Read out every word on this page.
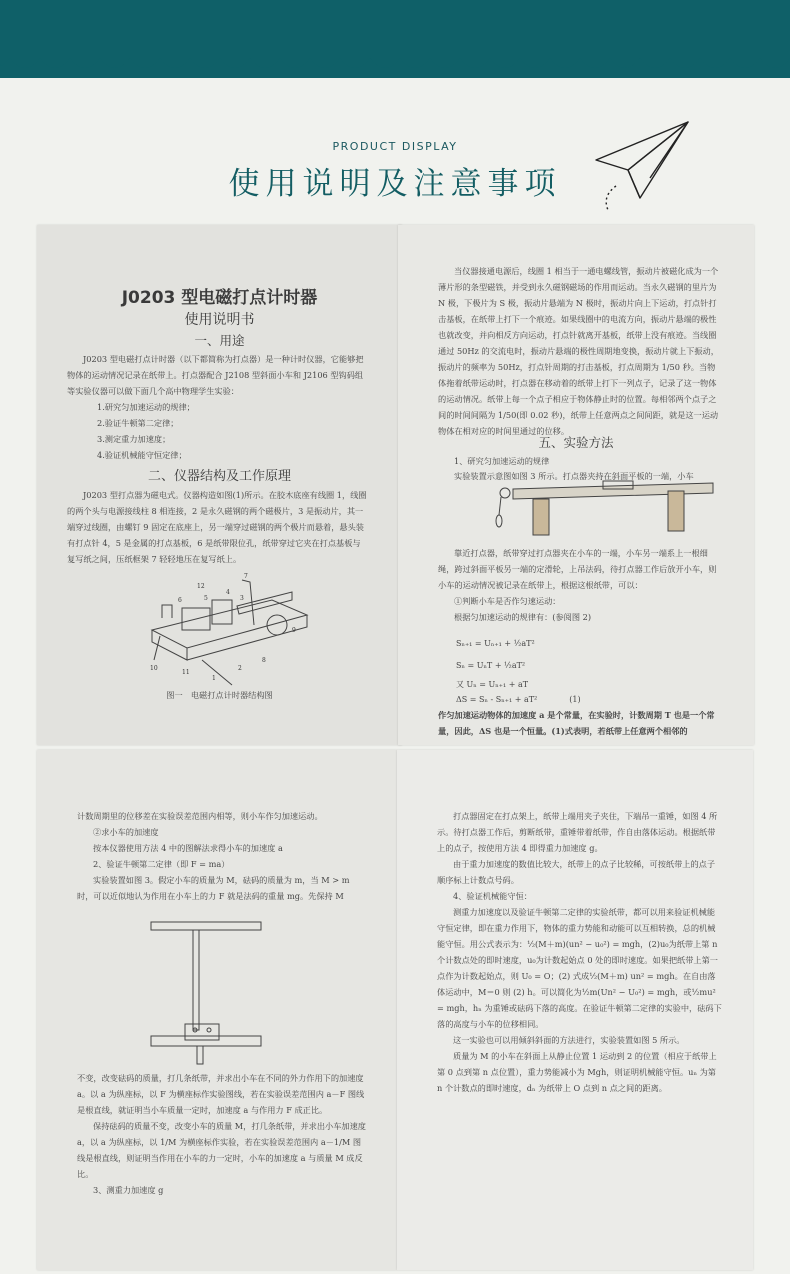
PRODUCT DISPLAY
使用说明及注意事项
J0203 型电磁打点计时器
使用说明书
一、用途

J0203 型电磁打点计时器（以下都简称为打点器）是一种计时仪器，它能够把物体的运动情况记录在纸带上。打点器配合 J2108 型斜面小车和 J2106 型钩码组等实验仪器可以做下面几个高中物理学生实验：

1.研究匀加速运动的规律；
2.验证牛顿第二定律；
3.测定重力加速度；
4.验证机械能守恒定律；
二、仪器结构及工作原理

J0203 型打点器为磁电式。仪器构造如图(1)所示。在胶木底座有线圈 1，线圈的两个头与电源接线柱 8 相连接，2 是永久磁钢的两个磁极片，3 是振动片，其一端穿过线圈，由螺钉 9 固定在底座上，另一端穿过磁钢的两个极片而悬着，悬头装有打点针 4，5 是金属的打点基板，6 是纸带限位孔，纸带穿过它夹在打点基板与复写纸之间，压纸框架 7 轻轻地压在复写纸上。

12
7
3
4
5
6
9
10
11
1
2
8
图一　电磁打点计时器结构图

当仪器接通电源后，线圈 1 相当于一通电螺线管，振动片被磁化成为一个薄片形的条型磁铁，并受到永久磁钢磁场的作用而运动。当永久磁钢的里片为 N 极，下极片为 S 极，振动片悬端为 N 极时，振动片向上下运动，打点针打击基板，在纸带上打下一个痕迹。如果线圈中的电流方向，振动片悬端的极性也就改变，并向相反方向运动，打点针就离开基板，纸带上没有痕迹。当线圈通过 50Hz 的交流电时，振动片悬端的极性周期地变换，振动片就上下振动，振动片的频率为 50Hz，打点针周期的打击基板，打点周期为 1/50 秒。当物体拖着纸带运动时，打点器在移动着的纸带上打下一列点子，记录了这一物体的运动情况。纸带上每一个点子相应于物体静止时的位置。每相邻两个点子之间的时间间隔为 1/50(即 0.02 秒)，纸带上任意两点之间间距，就是这一运动物体在相对应的时间里通过的位移。

五、实验方法
1、研究匀加速运动的规律
实验装置示意图如图 3 所示。打点器夹持在斜面平板的一端，小车

靠近打点器，纸带穿过打点器夹在小车的一端，小车另一端系上一根细绳，跨过斜面平板另一端的定滑轮，上吊法码，待打点器工作后放开小车，则小车的运动情况被记录在纸带上，根据这根纸带，可以：

①判断小车是否作匀速运动：
根据匀加速运动的规律有：(参阅图 2)
Sₙ₊₁ = Uₙ₊₁ + ½aT²
Sₙ = UₙT + ½aT²
又 Uₙ = Uₙ₊₁ + aT
ΔS = Sₙ - Sₙ₊₁ + aT²　　　　(1)
作匀加速运动物体的加速度 a 是个常量，在实验时，计数周期 T 也是一个常量，因此，ΔS 也是一个恒量。(1)式表明，若纸带上任意两个相邻的
计数周期里的位移差在实验误差范围内相等，则小车作匀加速运动。
②求小车的加速度
按本仪器使用方法 4 中的图解法求得小车的加速度 a
2、验证牛顿第二定律（即 F = ma）

实验装置如图 3。假定小车的质量为 M，砝码的质量为 m，当 M > m 时，可以近似地认为作用在小车上的力 F 就是法码的重量 mg。先保持 M

不变，改变砝码的质量，打几条纸带，并求出小车在不同的外力作用下的加速度 a。以 a 为纵座标，以 F 为横座标作实验图线，若在实验误差范围内 a－F 图线是根直线，就证明当小车质量一定时，加速度 a 与作用力 F 成正比。

保持砝码的质量不变，改变小车的质量 M，打几条纸带，并求出小车加速度 a，以 a 为纵座标，以 1/M 为横座标作实验，若在实验误差范围内 a－1/M 图线是根直线，则证明当作用在小车的力一定时，小车的加速度 a 与质量 M 成反比。

3、测重力加速度 g

打点器固定在打点架上，纸带上端用夹子夹住，下端吊一重锤，如图 4 所示。待打点器工作后，剪断纸带，重锤带着纸带，作自由落体运动。根据纸带上的点子，按使用方法 4 即得重力加速度 g。

由于重力加速度的数值比较大，纸带上的点子比较稀，可按纸带上的点子顺序标上计数点号码。

4、验证机械能守恒：

测重力加速度以及验证牛顿第二定律的实验纸带，都可以用来验证机械能守恒定律，即在重力作用下，物体的重力势能和动能可以互相转换，总的机械能守恒。用公式表示为：½(M＋m)(un² − u₀²) = mgh，(2)u₀为纸带上第 n 个计数点处的即时速度，u₀为计数起始点 0 处的即时速度。如果把纸带上第一点作为计数起始点，则 U₀ = O；(2) 式成½(M＋m) un² = mgh。在自由落体运动中，M＝0 则 (2) h。可以简化为½m(Un² − U₀²) = mgh，或½mu² = mgh，hₙ 为重锤或砝码下落的高度。在验证牛顿第二定律的实验中，砝码下落的高度与小车的位移相同。

这一实验也可以用倾斜斜面的方法进行，实验装置如图 5 所示。

质量为 M 的小车在斜面上从静止位置 1 运动到 2 的位置（相应于纸带上第 0 点到第 n 点位置），重力势能减小为 Mgh，则证明机械能守恒。uₙ 为第 n 个计数点的即时速度，dₙ 为纸带上 O 点到 n 点之间的距离。
